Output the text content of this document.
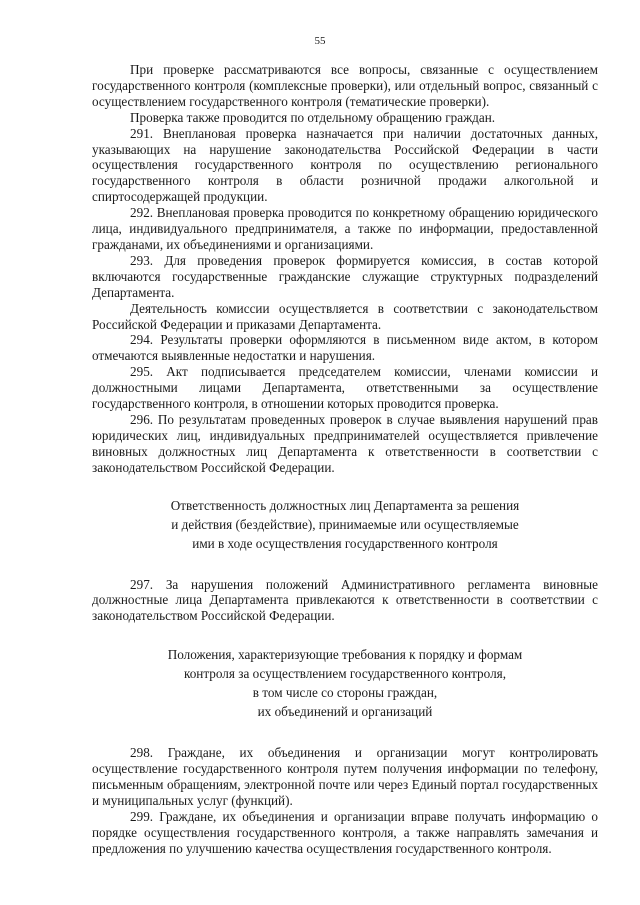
55

При проверке рассматриваются все вопросы, связанные с осуществлением государственного контроля (комплексные проверки), или отдельный вопрос, связанный с осуществлением государственного контроля (тематические проверки).

Проверка также проводится по отдельному обращению граждан.

291. Внеплановая проверка назначается при наличии достаточных данных, указывающих на нарушение законодательства Российской Федерации в части осуществления государственного контроля по осуществлению регионального государственного контроля в области розничной продажи алкогольной и спиртосодержащей продукции.

292. Внеплановая проверка проводится по конкретному обращению юридического лица, индивидуального предпринимателя, а также по информации, предоставленной гражданами, их объединениями и организациями.

293. Для проведения проверок формируется комиссия, в состав которой включаются государственные гражданские служащие структурных подразделений Департамента.

Деятельность комиссии осуществляется в соответствии с законодательством Российской Федерации и приказами Департамента.

294. Результаты проверки оформляются в письменном виде актом, в котором отмечаются выявленные недостатки и нарушения.

295. Акт подписывается председателем комиссии, членами комиссии и должностными лицами Департамента, ответственными за осуществление государственного контроля, в отношении которых проводится проверка.

296. По результатам проведенных проверок в случае выявления нарушений прав юридических лиц, индивидуальных предпринимателей осуществляется привлечение виновных должностных лиц Департамента к ответственности в соответствии с законодательством Российской Федерации.

Ответственность должностных лиц Департамента за решения
и действия (бездействие), принимаемые или осуществляемые
ими в ходе осуществления государственного контроля

297. За нарушения положений Административного регламента виновные должностные лица Департамента привлекаются к ответственности в соответствии с законодательством Российской Федерации.

Положения, характеризующие требования к порядку и формам
контроля за осуществлением государственного контроля,
в том числе со стороны граждан,
их объединений и организаций

298. Граждане, их объединения и организации могут контролировать осуществление государственного контроля путем получения информации по телефону, письменным обращениям, электронной почте или через Единый портал государственных и муниципальных услуг (функций).

299. Граждане, их объединения и организации вправе получать информацию о порядке осуществления государственного контроля, а также направлять замечания и предложения по улучшению качества осуществления государственного контроля.
